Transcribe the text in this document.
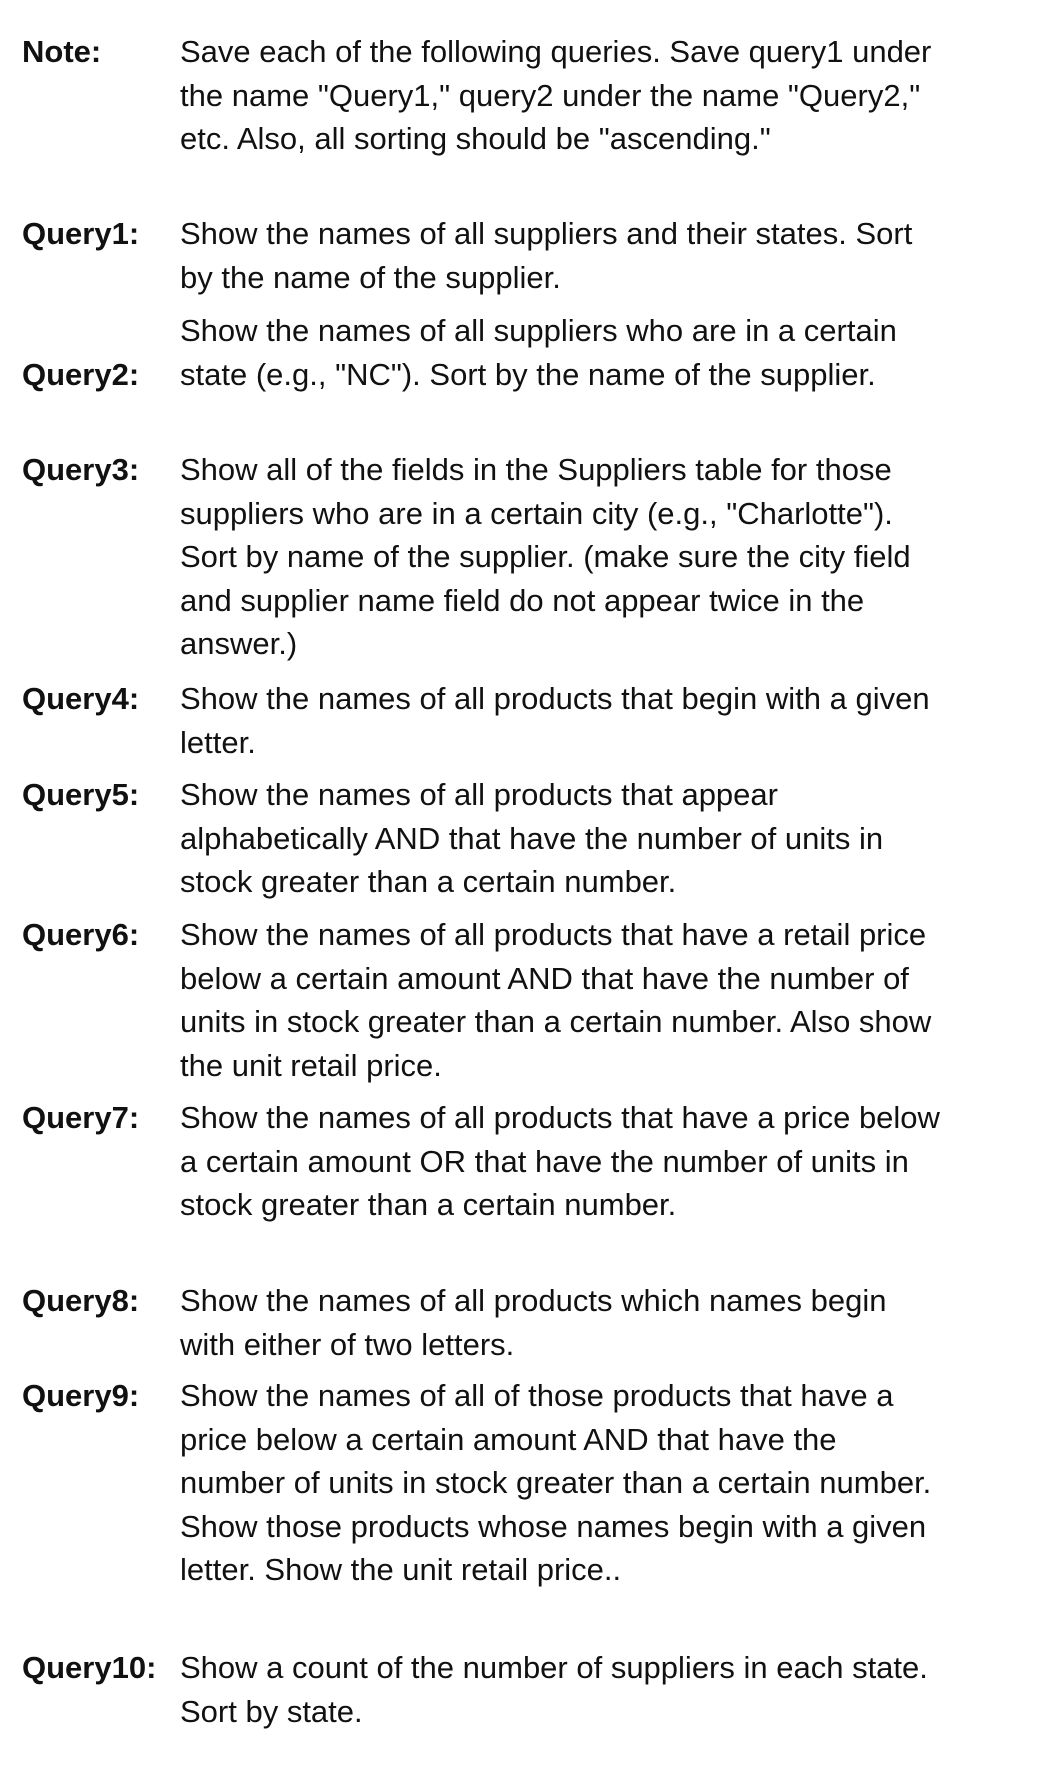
Note:	Save each of the following queries. Save query1 under the name "Query1," query2 under the name "Query2," etc. Also, all sorting should be "ascending."
Query1: Show the names of all suppliers and their states. Sort by the name of the supplier.
Query2:
Show the names of all suppliers who are in a certain state (e.g., "NC"). Sort by the name of the supplier.
Query3: Show all of the fields in the Suppliers table for those suppliers who are in a certain city (e.g., "Charlotte"). Sort by name of the supplier. (make sure the city field and supplier name field do not appear twice in the answer.)
Query4: Show the names of all products that begin with a given letter.
Query5: Show the names of all products that appear alphabetically AND that have the number of units in stock greater than a certain number.
Query6: Show the names of all products that have a retail price below a certain amount AND that have the number of units in stock greater than a certain number. Also show the unit retail price.
Query7: Show the names of all products that have a price below a certain amount OR that have the number of units in stock greater than a certain number.
Query8: Show the names of all products which names begin with either of two letters.
Query9: Show the names of all of those products that have a price below a certain amount AND that have the number of units in stock greater than a certain number. Show those products whose names begin with a given letter. Show the unit retail price..
Query10: Show a count of the number of suppliers in each state. Sort by state.
